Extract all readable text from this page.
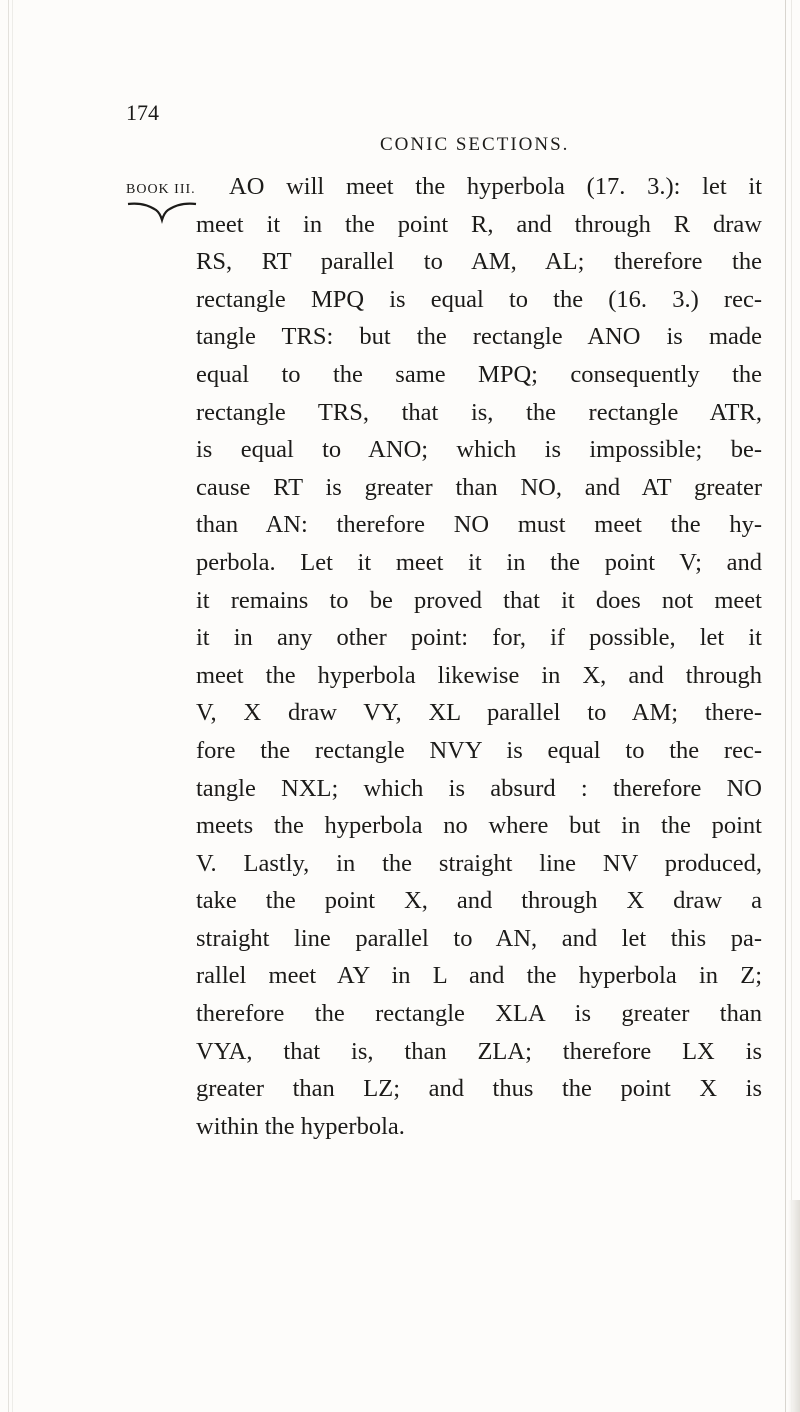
174
CONIC SECTIONS.
BOOK III.	AO will meet the hyperbola (17. 3.): let it
meet it in the point R, and through R draw
RS, RT parallel to AM, AL; therefore the
rectangle MPQ is equal to the (16. 3.) rec-
tangle TRS: but the rectangle ANO is made
equal to the same MPQ; consequently the
rectangle TRS, that is, the rectangle ATR,
is equal to ANO; which is impossible; be-
cause RT is greater than NO, and AT greater
than AN: therefore NO must meet the hy-
perbola. Let it meet it in the point V; and
it remains to be proved that it does not meet
it in any other point: for, if possible, let it
meet the hyperbola likewise in X, and through
V, X draw VY, XL parallel to AM; there-
fore the rectangle NVY is equal to the rec-
tangle NXL; which is absurd : therefore NO
meets the hyperbola no where but in the point
V. Lastly, in the straight line NV produced,
take the point X, and through X draw a
straight line parallel to AN, and let this pa-
rallel meet AY in L and the hyperbola in Z;
therefore the rectangle XLA is greater than
VYA, that is, than ZLA; therefore LX is
greater than LZ; and thus the point X is
within the hyperbola.
